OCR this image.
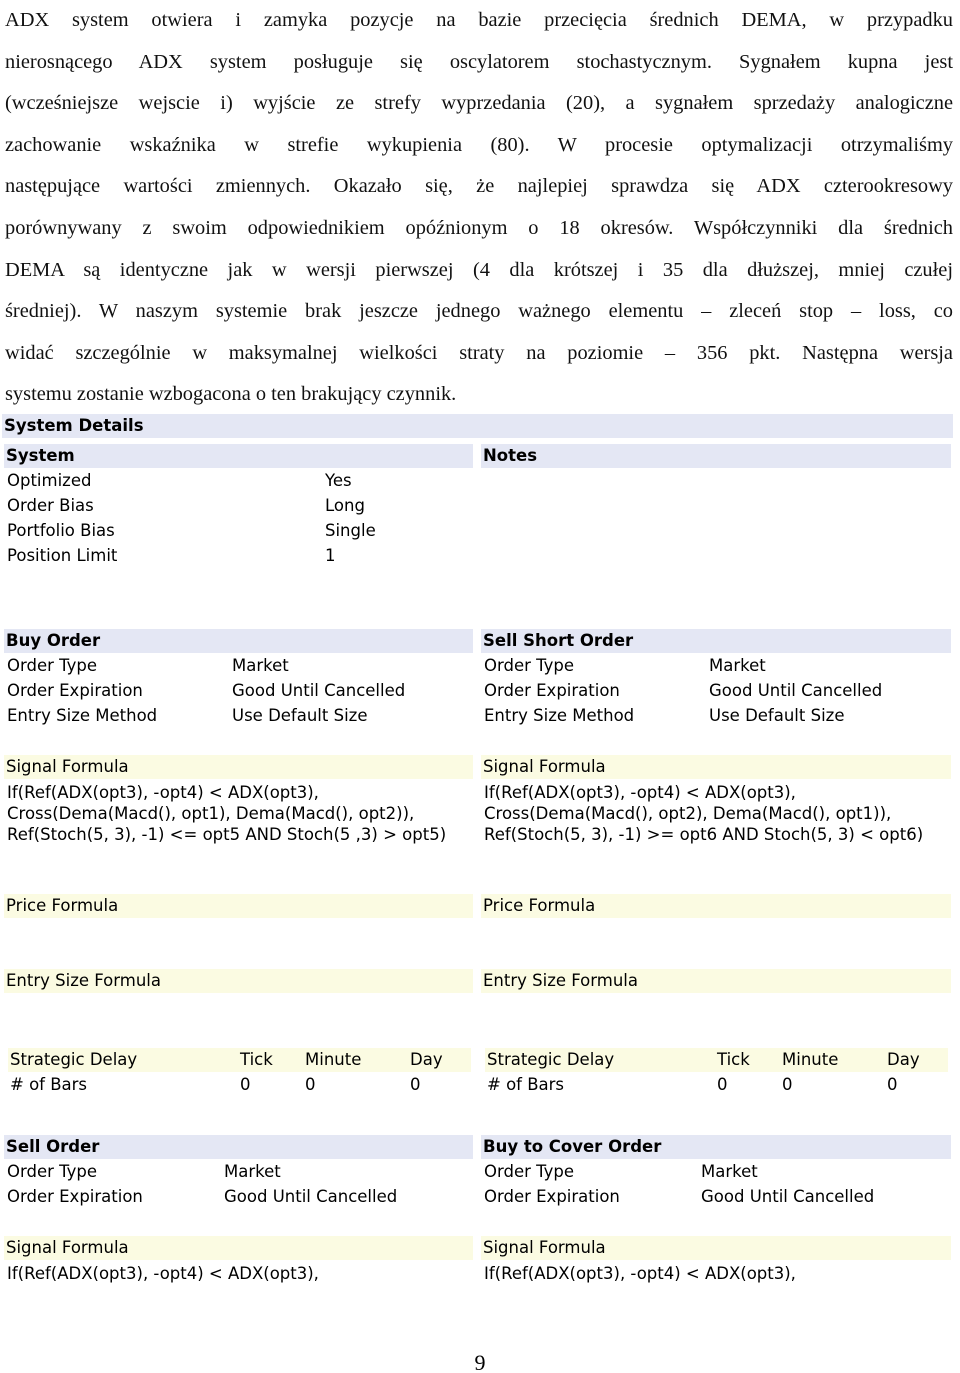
ADX system otwiera i zamyka pozycje na bazie przecięcia średnich DEMA, w przypadku
nierosnącego ADX system posługuje się oscylatorem stochastycznym. Sygnałem kupna jest
(wcześniejsze wejscie i) wyjście ze strefy wyprzedania (20), a sygnałem sprzedaży analogiczne
zachowanie wskaźnika w strefie wykupienia (80). W procesie optymalizacji otrzymaliśmy
następujące wartości zmiennych. Okazało się, że najlepiej sprawdza się ADX czterookresowy
porównywany z swoim odpowiednikiem opóźnionym o 18 okresów. Współczynniki dla średnich
DEMA są identyczne jak w wersji pierwszej (4 dla krótszej i 35 dla dłuższej, mniej czułej
średniej). W naszym systemie brak jeszcze jednego ważnego elementu – zleceń stop – loss, co
widać szczególnie w maksymalnej wielkości straty na poziomie – 356 pkt. Następna wersja
systemu zostanie wzbogacona o ten brakujący czynnik.
System Details
System	Notes
Optimized	Yes
Order Bias	Long
Portfolio Bias	Single
Position Limit	1
Buy Order
Order Type	Market
Order Expiration	Good Until Cancelled
Entry Size Method	Use Default Size
Signal Formula
If(Ref(ADX(opt3), -opt4) < ADX(opt3), Cross(Dema(Macd(), opt1), Dema(Macd(), opt2)), Ref(Stoch(5, 3), -1) <= opt5 AND Stoch(5 ,3) > opt5)
Price Formula
Entry Size Formula
Strategic Delay	Tick Minute	Day
# of Bars	0	0	0
Sell Short Order
Order Type	Market
Order Expiration	Good Until Cancelled
Entry Size Method	Use Default Size
Signal Formula
If(Ref(ADX(opt3), -opt4) < ADX(opt3), Cross(Dema(Macd(), opt2), Dema(Macd(), opt1)), Ref(Stoch(5, 3), -1) >= opt6 AND Stoch(5, 3) < opt6)
Price Formula
Entry Size Formula
Strategic Delay	Tick Minute	Day
# of Bars	0	0	0
Sell Order
Order Type	Market
Order Expiration	Good Until Cancelled
Signal Formula
If(Ref(ADX(opt3), -opt4) < ADX(opt3),
Buy to Cover Order
Order Type	Market
Order Expiration	Good Until Cancelled
Signal Formula
If(Ref(ADX(opt3), -opt4) < ADX(opt3),
9
